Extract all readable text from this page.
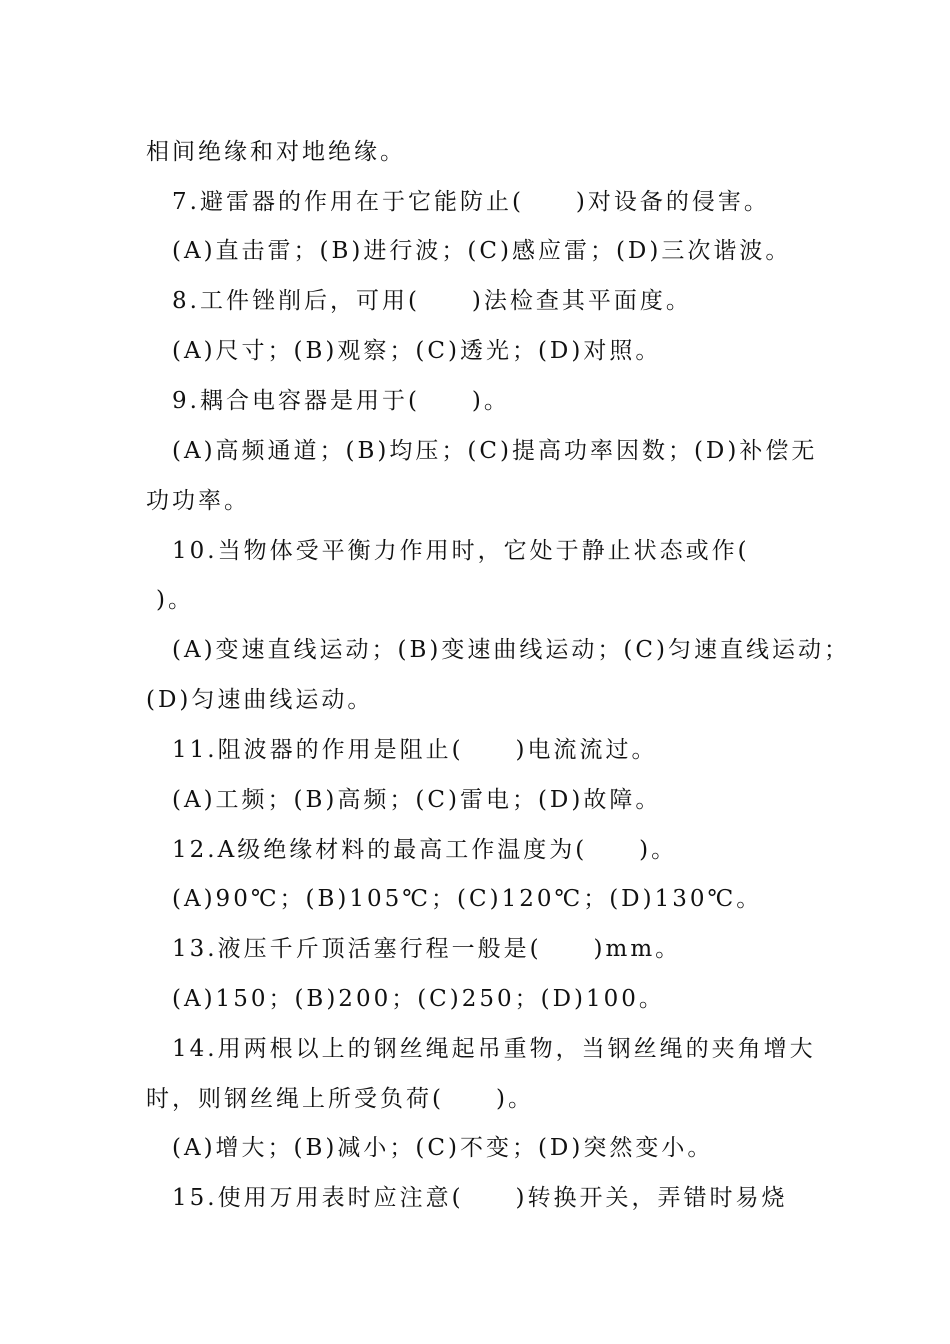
相间绝缘和对地绝缘。
7.避雷器的作用在于它能防止(　　)对设备的侵害。
(A)直击雷；(B)进行波；(C)感应雷；(D)三次谐波。
8.工件锉削后，可用(　　)法检查其平面度。
(A)尺寸；(B)观察；(C)透光；(D)对照。
9.耦合电容器是用于(　　)。
(A)高频通道；(B)均压；(C)提高功率因数；(D)补偿无
功功率。
10.当物体受平衡力作用时，它处于静止状态或作(
)。
(A)变速直线运动；(B)变速曲线运动；(C)匀速直线运动；
(D)匀速曲线运动。
11.阻波器的作用是阻止(　　)电流流过。
(A)工频；(B)高频；(C)雷电；(D)故障。
12.A级绝缘材料的最高工作温度为(　　)。
(A)90℃；(B)105℃；(C)120℃；(D)130℃。
13.液压千斤顶活塞行程一般是(　　)mm。
(A)150；(B)200；(C)250；(D)100。
14.用两根以上的钢丝绳起吊重物，当钢丝绳的夹角增大
时，则钢丝绳上所受负荷(　　)。
(A)增大；(B)减小；(C)不变；(D)突然变小。
15.使用万用表时应注意(　　)转换开关，弄错时易烧
